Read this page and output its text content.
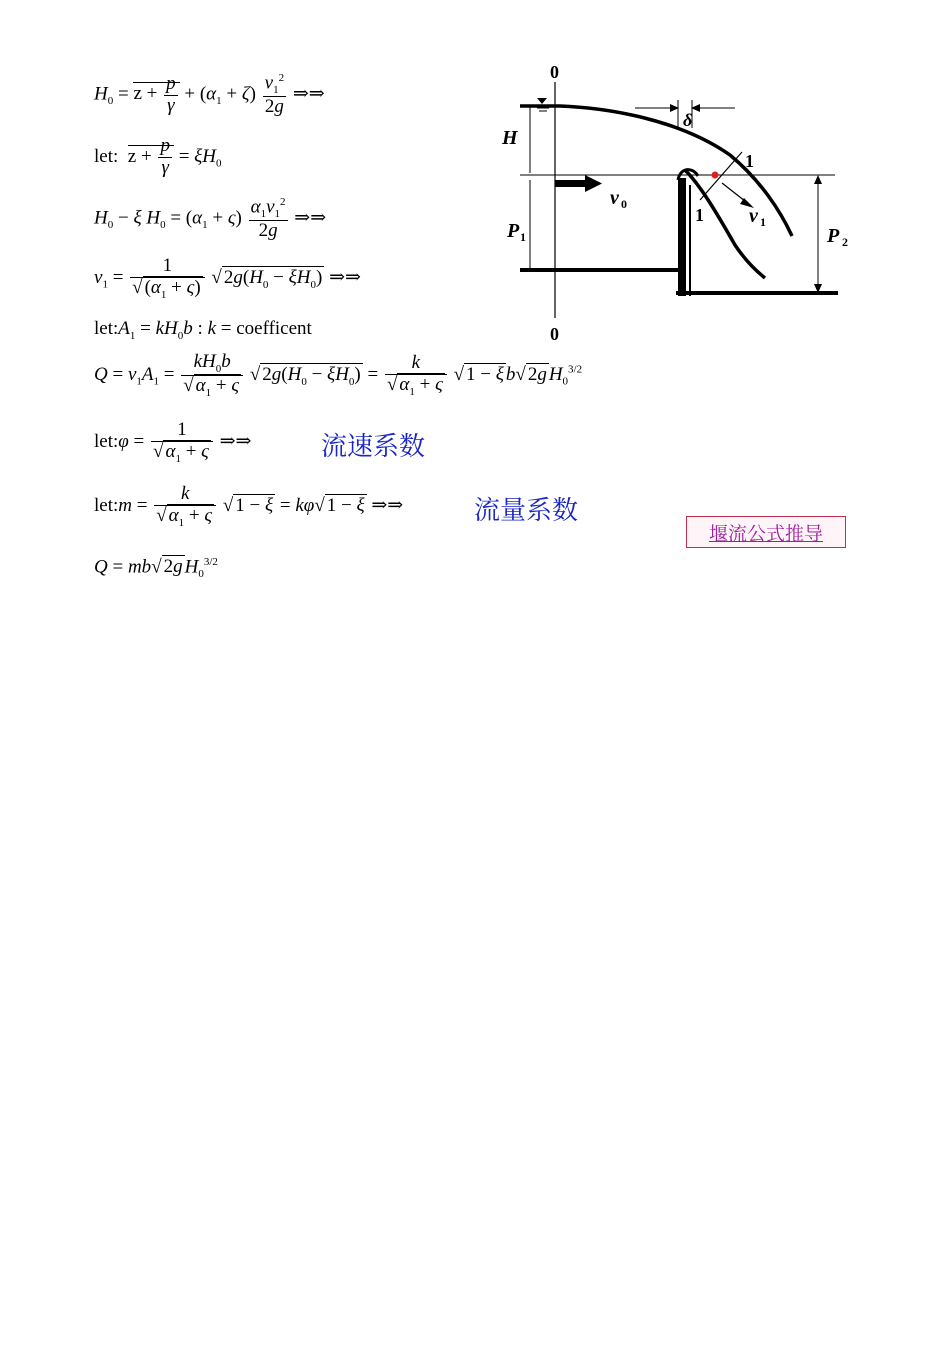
$H_0 = z + \frac{p}{\gamma} + (\alpha_1 + \zeta) \frac{v_1^2}{2g}$ ⇒⇒
let:  $z + \frac{p}{\gamma} = \xi H_0$
$H_0 - \xi$ $H_0 = (\alpha_1 + \varsigma) \frac{\alpha_1v_1^2}{2g}$ ⇒⇒
$v_1 = \frac{1}{√ (\alpha_1 + \varsigma)}$ √ $2g(H_0 - \xi H_0)$ ⇒⇒
$let:A_1 = kH_0b$ : k = coefficent
$Q = v_1A_1 = \frac{kH_0b}{√ \alpha_1 + \varsigma}$ √ $2g(H_0 - \xi H_0) = \frac{k}{√ \alpha_1 + \varsigma}$ √ 1 − ξ b√ 2g $H_0^{3/2}$
let:φ = $\frac{1}{√ \alpha_1 + \varsigma}$ ⇒⇒	流速系数
let:m = $\frac{k}{√ \alpha_1 + \varsigma}$ √ 1 − ξ = kφ√ 1 − ξ ⇒⇒	流量系数
Q = mb√ 2g $H_0^{3/2}$
堰流公式推导
0
0
H
v 0
P 1	P 2
1
1 v 1
δ
